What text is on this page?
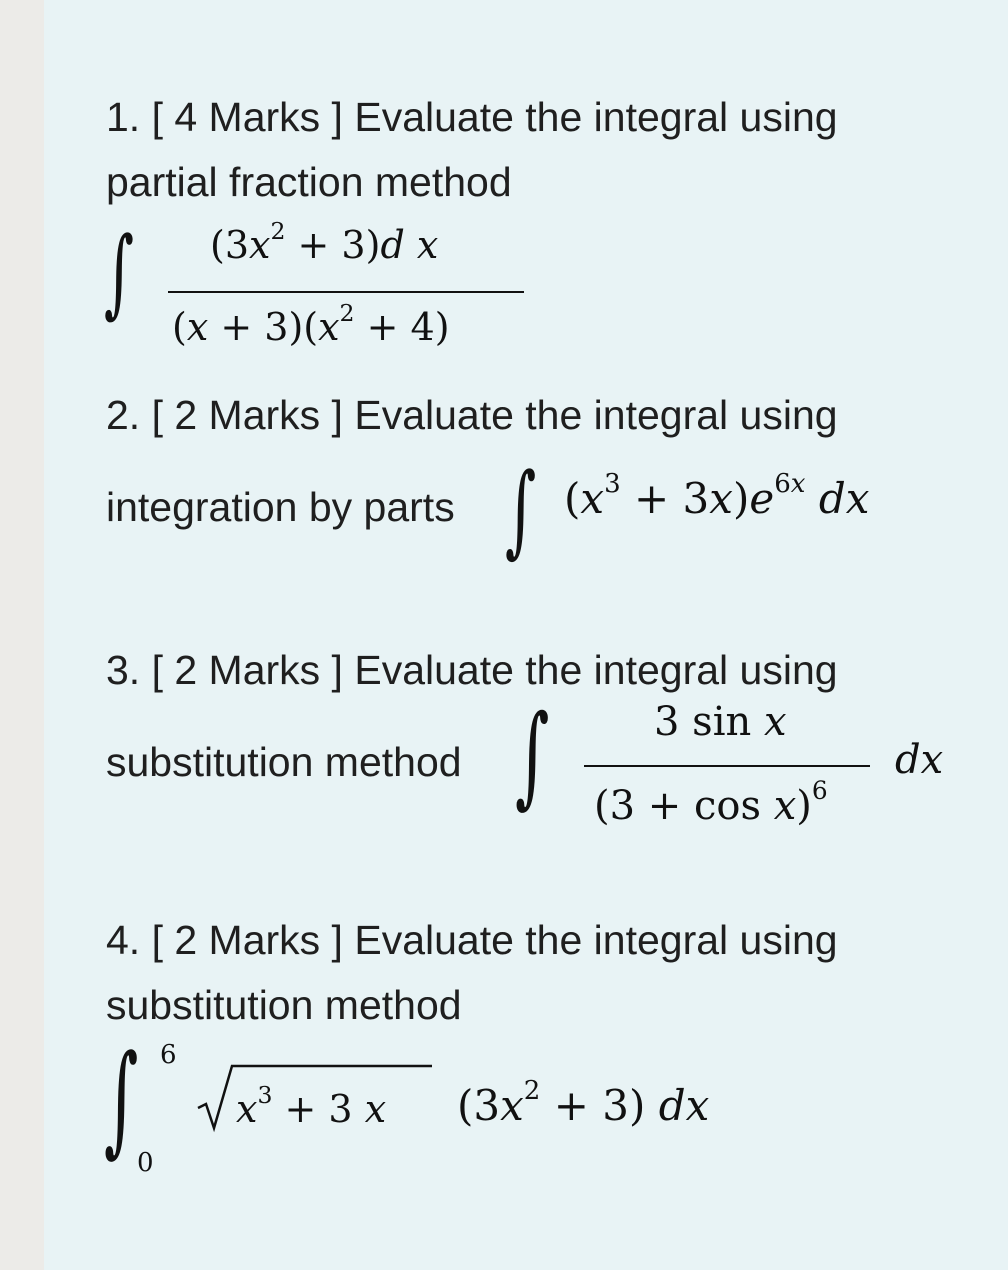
1. [ 4 Marks ] Evaluate the integral using
partial fraction method
∫ $(3x^2 + 3)d$ x
$(x + 3)(x^2 + 4)$
2. [ 2 Marks ] Evaluate the integral using
integration by parts ∫ $(x^3 + 3x)e^{6x}$ dx
3. [ 2 Marks ] Evaluate the integral using
substitution method ∫	3 sin x
$(3 + \cos x)^6$
dx
4. [ 2 Marks ] Evaluate the integral using
substitution method
∫ 6
0
$x^3 + 3$ x $(3x^2 + 3)$ dx
